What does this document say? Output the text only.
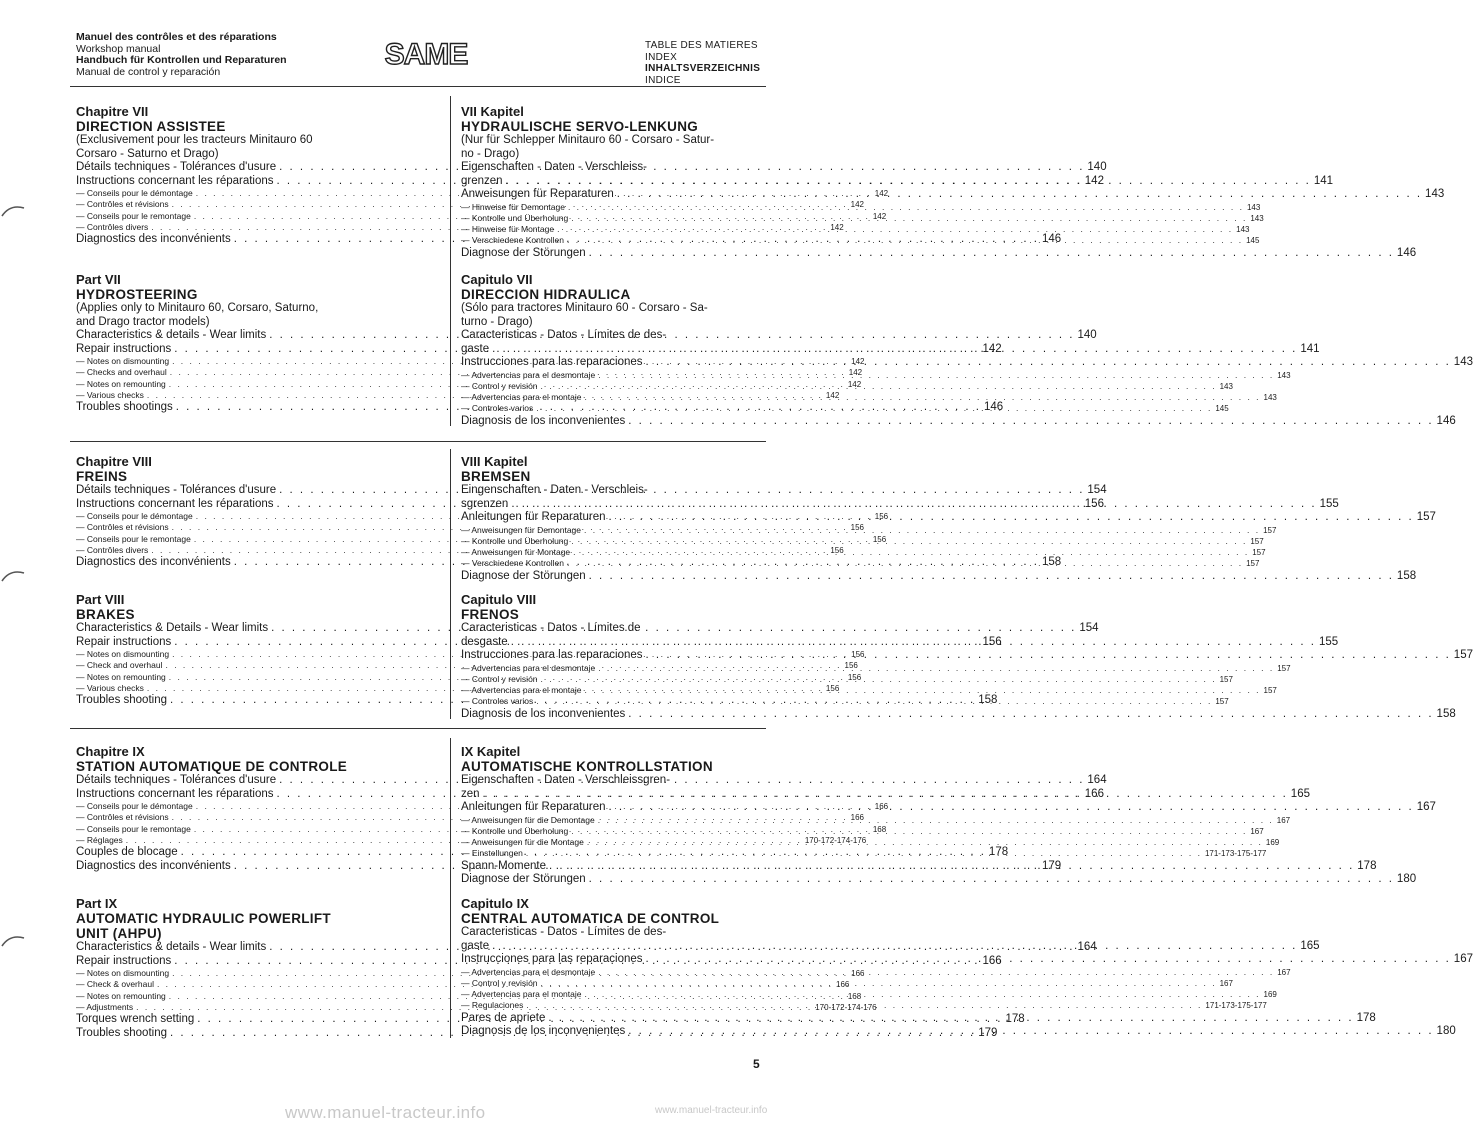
Manuel des contrôles et des réparations
Workshop manual
Handbuch für Kontrollen und Reparaturen
Manual de control y reparación
SAME	TABLE DES MATIERES
INDEX
INHALTSVERZEICHNIS
INDICE
Chapitre VII
DIRECTION ASSISTEE
(Exclusivement pour les tracteurs Minitauro 60
Corsaro - Saturno et Drago)
Détails techniques - Tolérances d'usure . . .	140
Instructions concernant les réparations . . .	142
— Conseils pour le démontage . . .	142
— Contrôles et révisions . . .	142
— Conseils pour le remontage . . .	142
— Contrôles divers . . .	142
Diagnostics des inconvénients . . .	146
VII Kapitel
HYDRAULISCHE SERVO-LENKUNG
(Nur für Schlepper Minitauro 60 - Corsaro - Satur-
no - Drago)
Eigenschaften - Daten - Verschleiss-
grenzen . . .	141
Anweisungen für Reparaturen . . .	143
— Hinweise für Demontage . . .	143
— Kontrolle und Überholung . . .	143
— Hinweise für Montage . . .	143
— Verschiedene Kontrollen . . .	145
Diagnose der Störungen . . .	146
Part VII
HYDROSTEERING
(Applies only to Minitauro 60, Corsaro, Saturno,
and Drago tractor models)
Characteristics & details - Wear limits . . .	140
Repair instructions . . .	142
— Notes on dismounting . . .	142
— Checks and overhaul . . .	142
— Notes on remounting . . .	142
— Various checks . . .	142
Troubles shootings . . .	146
Capitulo VII
DIRECCION HIDRAULICA
(Sólo para tractores Minitauro 60 - Corsaro - Sa-
turno - Drago)
Caracteristicas - Datos - Límites de des-
gaste . . .	141
Instrucciones para las reparaciones . . .	143
— Advertencias para el desmontaje . . .	143
— Control y revisión . . .	143
— Advertencias para el montaje . . .	143
— Controles varios . . .	145
Diagnosis de los inconvenientes . . .	146
Chapitre VIII
FREINS
Détails techniques - Tolérances d'usure . . .	154
Instructions concernant les réparations . . .	156
— Conseils pour le démontage . . .	156
— Contrôles et révisions . . .	156
— Conseils pour le remontage . . .	156
— Contrôles divers . . .	156
Diagnostics des inconvénients . . .	158
VIII Kapitel
BREMSEN
Eingenschaften - Daten - Verschleis-
sgrenzen . . .	155
Anleitungen für Reparaturen . . .	157
— Anweisungen für Demontage . . .	157
— Kontrolle und Überholung . . .	157
— Anweisungen für Montage . . .	157
— Verschiedene Kontrollen . . .	157
Diagnose der Störungen . . .	158
Part VIII
BRAKES
Characteristics & Details - Wear limits . . .	154
Repair instructions . . .	156
— Notes on dismounting . . .	156
— Check and overhaul . . .	156
— Notes on remounting . . .	156
— Various checks . . .	156
Troubles shooting . . .	158
Capitulo VIII
FRENOS
Caracteristicas - Datos - Límites de
desgaste . . .	155
Instrucciones para las reparaciones . . .	157
— Advertencias para el desmontaje . . .	157
— Control y revisión . . .	157
— Advertencias para el montaje . . .	157
— Controles varios . . .	157
Diagnosis de los inconvenientes . . .	158
Chapitre IX
STATION AUTOMATIQUE DE CONTROLE
Détails techniques - Tolérances d'usure . . .	164
Instructions concernant les réparations . . .	166
— Conseils pour le démontage . . .	166
— Contrôles et révisions . . .	166
— Conseils pour le remontage . . .	168
— Réglages . . .	170-172-174-176
Couples de blocage . . .	178
Diagnostics des inconvénients . . .	179
IX Kapitel
AUTOMATISCHE KONTROLLSTATION
Eigenschaften - Daten - Verschleissgren-
zen . . .	165
Anleitungen für Reparaturen . . .	167
— Anweisungen für die Demontage . . .	167
— Kontrolle und Überholung . . .	167
— Anweisungen für die Montage . . .	169
— Einstellungen . . .	171-173-175-177
Spann-Momente . . .	178
Diagnose der Störungen . . .	180
Part IX
AUTOMATIC HYDRAULIC POWERLIFT
UNIT (AHPU)
Characteristics & details - Wear limits . . .	164
Repair instructions . . .	166
— Notes on dismounting . . .	166
— Check & overhaul . . .	166
— Notes on remounting . . .	168
— Adjustments . . .	170-172-174-176
Torques wrench setting . . .	178
Troubles shooting . . .	179
Capitulo IX
CENTRAL AUTOMATICA DE CONTROL
Caracteristicas - Datos - Límites de des-
gaste . . .	165
Instrucciones para las reparaciones . . .	167
— Advertencias para el desmontaje . . .	167
— Control y revisión . . .	167
— Advertencias para el montaje . . .	169
— Regulaciones . . .	171-173-175-177
Pares de apriete . . .	178
Diagnosis de los inconvenientes . . .	180
5
www.manuel-tracteur.info	www.manuel-tracteur.info
